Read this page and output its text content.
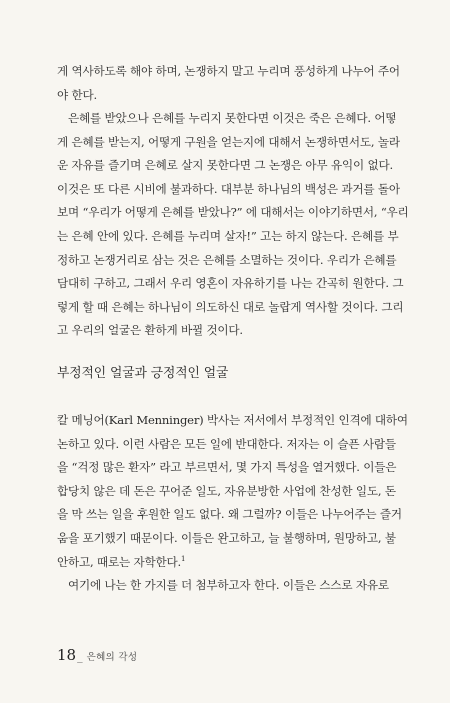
게 역사하도록 해야 하며, 논쟁하지 말고 누리며 풍성하게 나누어 주어
야 한다.
은혜를 받았으나 은혜를 누리지 못한다면 이것은 죽은 은혜다. 어떻
게 은혜를 받는지, 어떻게 구원을 얻는지에 대해서 논쟁하면서도, 놀라
운 자유를 즐기며 은혜로 살지 못한다면 그 논쟁은 아무 유익이 없다.
이것은 또 다른 시비에 불과하다. 대부분 하나님의 백성은 과거를 돌아
보며 “우리가 어떻게 은혜를 받았나?” 에 대해서는 이야기하면서, “우리
는 은혜 안에 있다. 은혜를 누리며 살자!” 고는 하지 않는다. 은혜를 부
정하고 논쟁거리로 삼는 것은 은혜를 소멸하는 것이다. 우리가 은혜를
담대히 구하고, 그래서 우리 영혼이 자유하기를 나는 간곡히 원한다. 그
렇게 할 때 은혜는 하나님이 의도하신 대로 놀랍게 역사할 것이다. 그리
고 우리의 얼굴은 환하게 바뀔 것이다.
부정적인 얼굴과 긍정적인 얼굴
칼 메닝어(Karl Menninger) 박사는 저서에서 부정적인 인격에 대하여
논하고 있다. 이런 사람은 모든 일에 반대한다. 저자는 이 슬픈 사람들
을 “걱정 많은 환자” 라고 부르면서, 몇 가지 특성을 열거했다. 이들은
합당치 않은 데 돈은 꾸어준 일도, 자유분방한 사업에 찬성한 일도, 돈
을 막 쓰는 일을 후원한 일도 없다. 왜 그럴까? 이들은 나누어주는 즐거
움을 포기했기 때문이다. 이들은 완고하고, 늘 불행하며, 원망하고, 불
안하고, 때로는 자학한다.$^1$
여기에 나는 한 가지를 더 첨부하고자 한다. 이들은 스스로 자유로
18 _ 은혜의 각성
